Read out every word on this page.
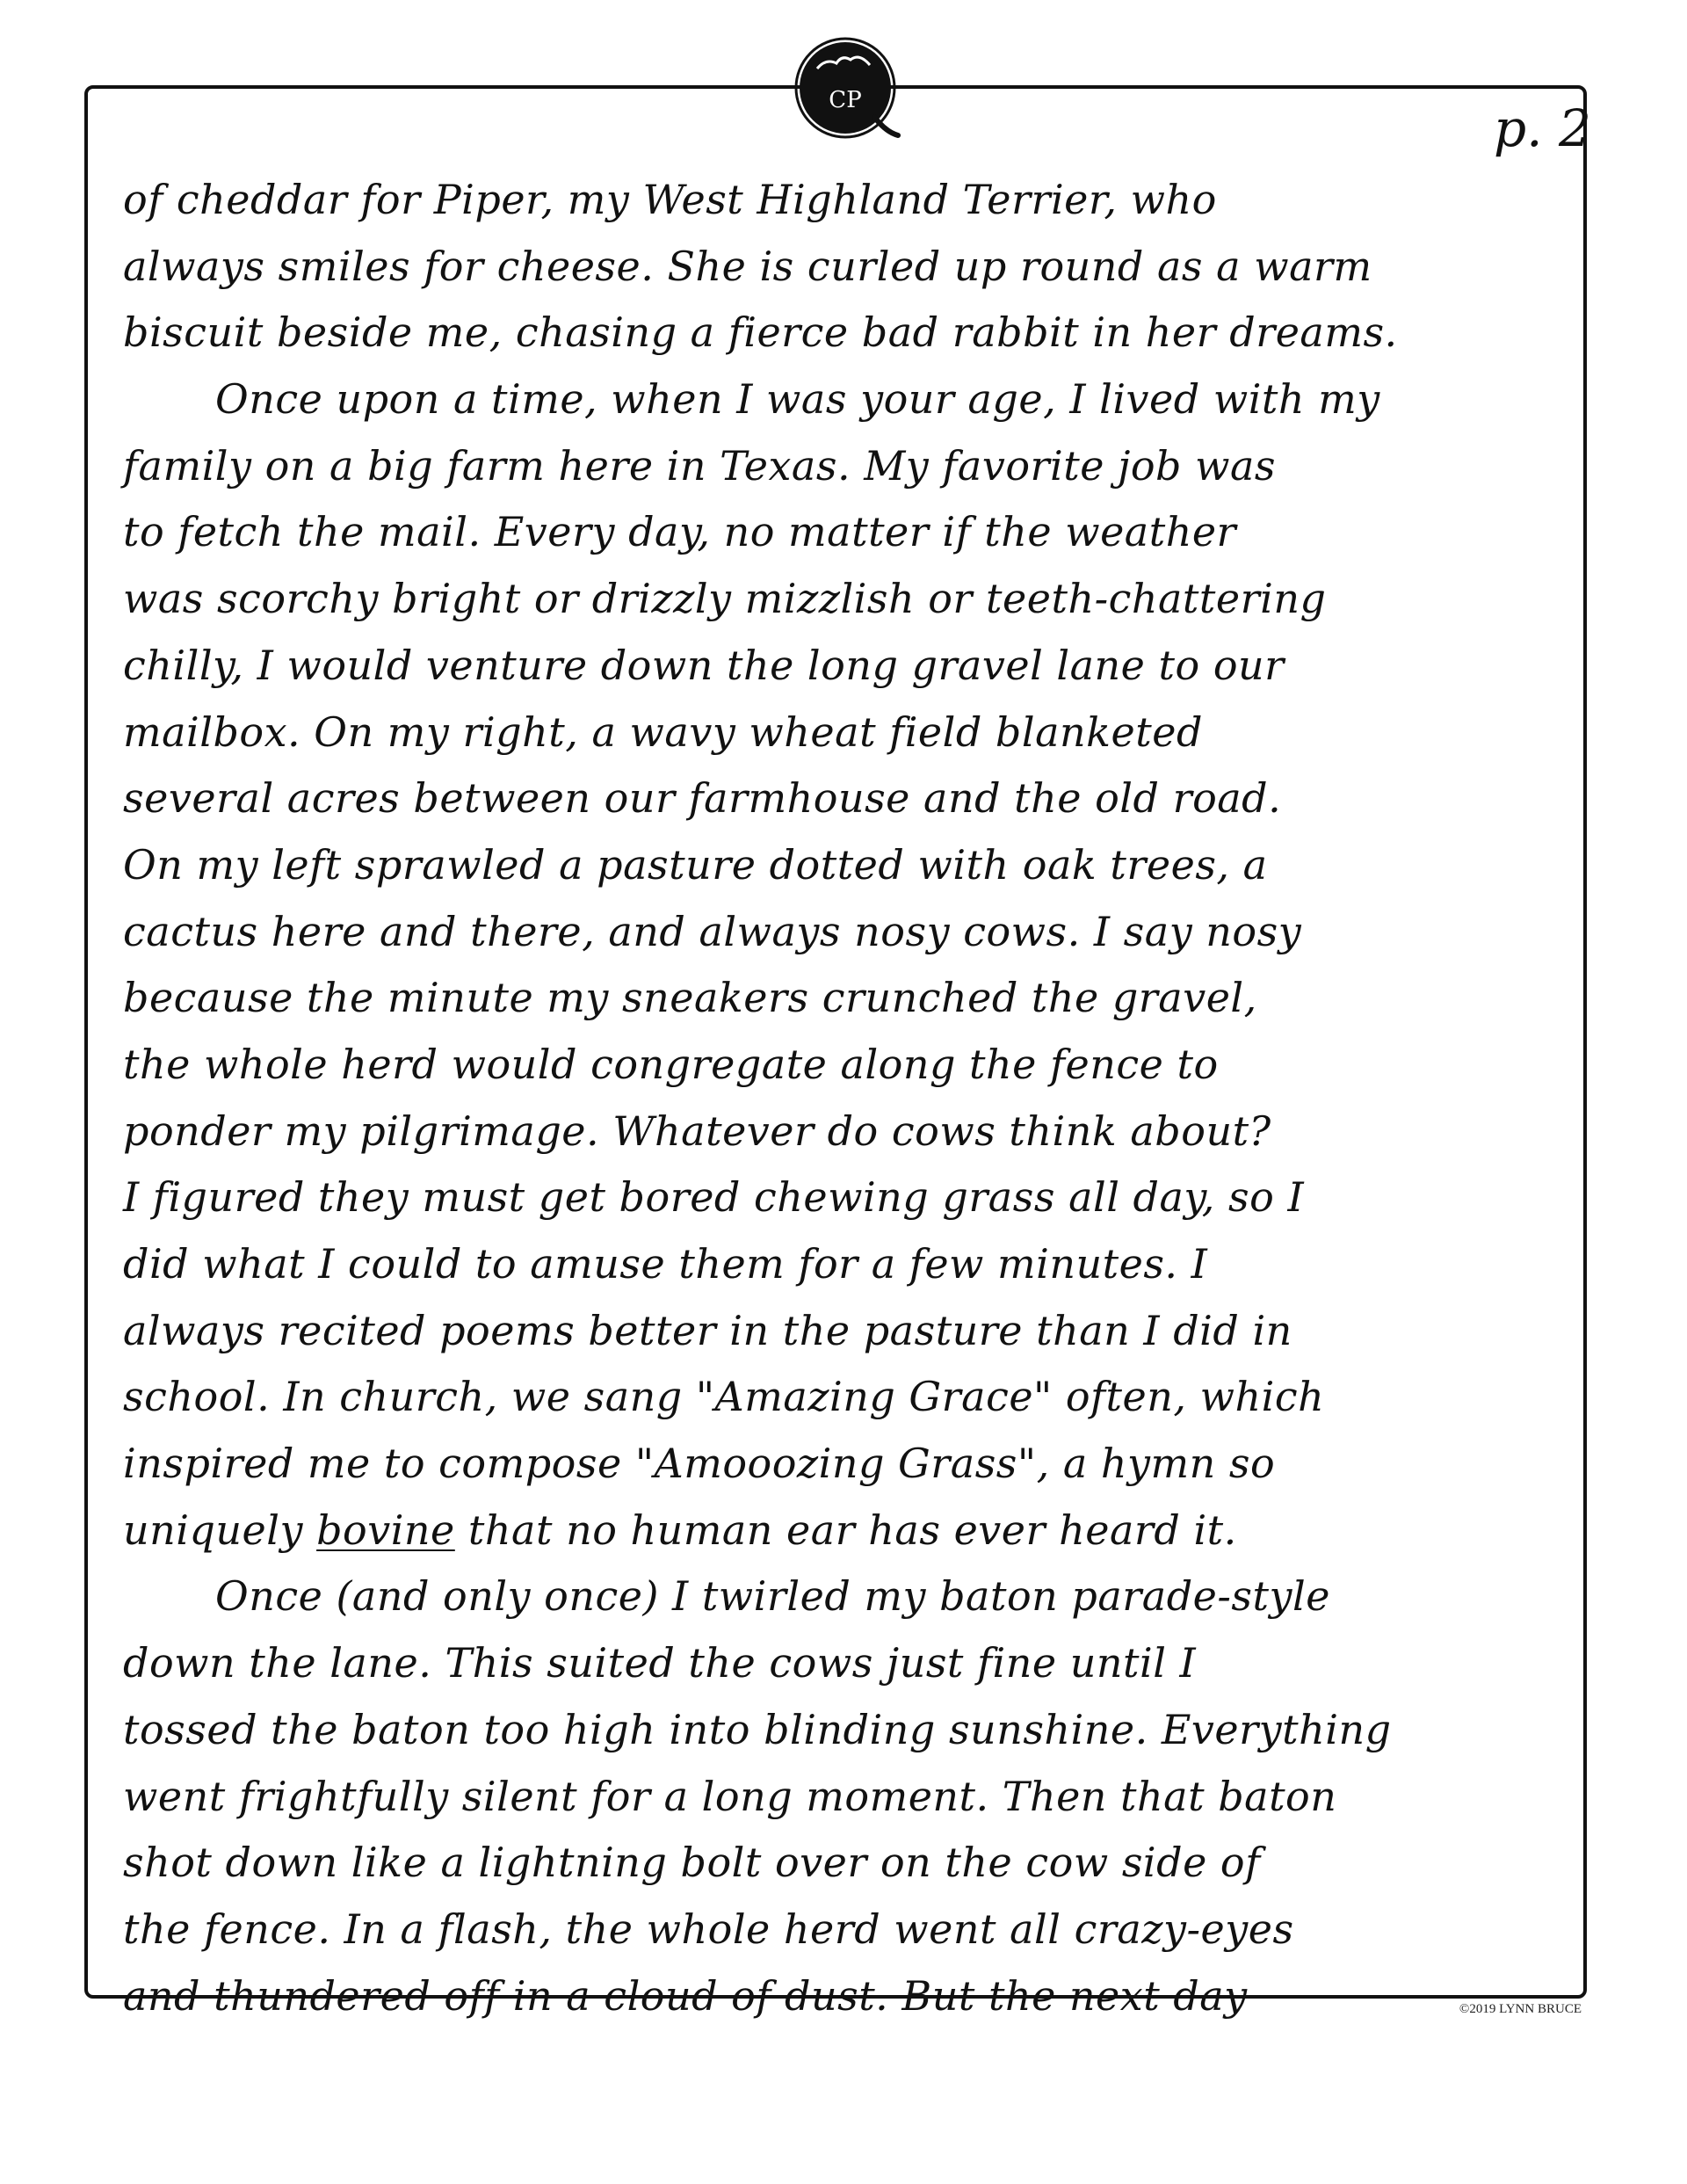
CP	p. 2
of cheddar for Piper, my West Highland Terrier, who
always smiles for cheese. She is curled up round as a warm
biscuit beside me, chasing a fierce bad rabbit in her dreams.
Once upon a time, when I was your age, I lived with my
family on a big farm here in Texas. My favorite job was
to fetch the mail. Every day, no matter if the weather
was scorchy bright or drizzly mizzlish or teeth-chattering
chilly, I would venture down the long gravel lane to our
mailbox. On my right, a wavy wheat field blanketed
several acres between our farmhouse and the old road.
On my left sprawled a pasture dotted with oak trees, a
cactus here and there, and always nosy cows. I say nosy
because the minute my sneakers crunched the gravel,
the whole herd would congregate along the fence to
ponder my pilgrimage. Whatever do cows think about?
I figured they must get bored chewing grass all day, so I
did what I could to amuse them for a few minutes. I
always recited poems better in the pasture than I did in
school. In church, we sang "Amazing Grace" often, which
inspired me to compose "Amooozing Grass", a hymn so
uniquely bovine that no human ear has ever heard it.
Once (and only once) I twirled my baton parade-style
down the lane. This suited the cows just fine until I
tossed the baton too high into blinding sunshine. Everything
went frightfully silent for a long moment. Then that baton
shot down like a lightning bolt over on the cow side of
the fence. In a flash, the whole herd went all crazy-eyes
and thundered off in a cloud of dust. But the next day	©2019 LYNN BRUCE
